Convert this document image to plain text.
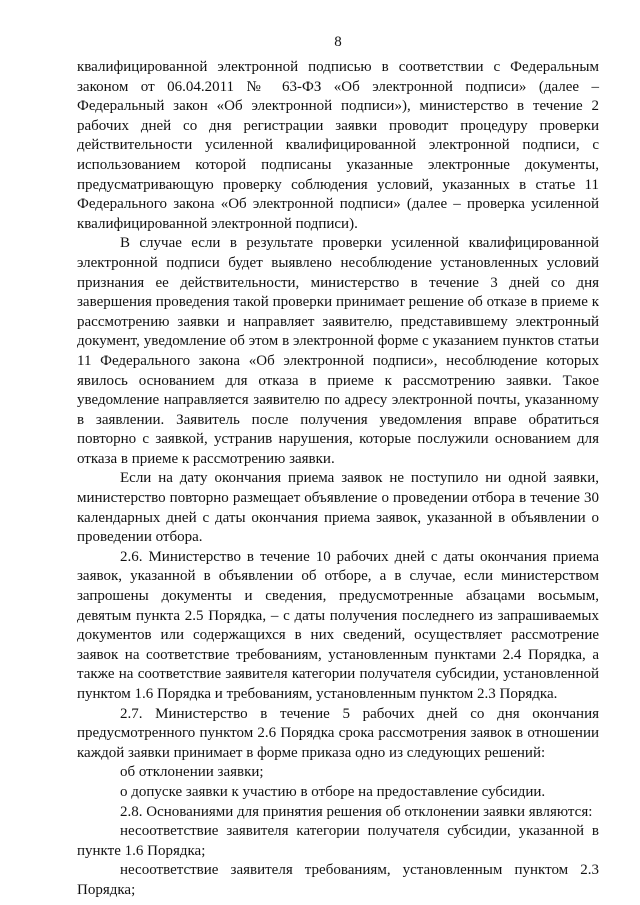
8

квалифицированной электронной подписью в соответствии с Федеральным законом от 06.04.2011 № 63-ФЗ «Об электронной подписи» (далее – Федеральный закон «Об электронной подписи»), министерство в течение 2 рабочих дней со дня регистрации заявки проводит процедуру проверки действительности усиленной квалифицированной электронной подписи, с использованием которой подписаны указанные электронные документы, предусматривающую проверку соблюдения условий, указанных в статье 11 Федерального закона «Об электронной подписи» (далее – проверка усиленной квалифицированной электронной подписи).

В случае если в результате проверки усиленной квалифицированной электронной подписи будет выявлено несоблюдение установленных условий признания ее действительности, министерство в течение 3 дней со дня завершения проведения такой проверки принимает решение об отказе в приеме к рассмотрению заявки и направляет заявителю, представившему электронный документ, уведомление об этом в электронной форме с указанием пунктов статьи 11 Федерального закона «Об электронной подписи», несоблюдение которых явилось основанием для отказа в приеме к рассмотрению заявки. Такое уведомление направляется заявителю по адресу электронной почты, указанному в заявлении. Заявитель после получения уведомления вправе обратиться повторно с заявкой, устранив нарушения, которые послужили основанием для отказа в приеме к рассмотрению заявки.

Если на дату окончания приема заявок не поступило ни одной заявки, министерство повторно размещает объявление о проведении отбора в течение 30 календарных дней с даты окончания приема заявок, указанной в объявлении о проведении отбора.

2.6. Министерство в течение 10 рабочих дней с даты окончания приема заявок, указанной в объявлении об отборе, а в случае, если министерством запрошены документы и сведения, предусмотренные абзацами восьмым, девятым пункта 2.5 Порядка, – с даты получения последнего из запрашиваемых документов или содержащихся в них сведений, осуществляет рассмотрение заявок на соответствие требованиям, установленным пунктами 2.4 Порядка, а также на соответствие заявителя категории получателя субсидии, установленной пунктом 1.6 Порядка и требованиям, установленным пунктом 2.3 Порядка.

2.7. Министерство в течение 5 рабочих дней со дня окончания предусмотренного пунктом 2.6 Порядка срока рассмотрения заявок в отношении каждой заявки принимает в форме приказа одно из следующих решений:

об отклонении заявки;

о допуске заявки к участию в отборе на предоставление субсидии.

2.8. Основаниями для принятия решения об отклонении заявки являются:

несоответствие заявителя категории получателя субсидии, указанной в пункте 1.6 Порядка;

несоответствие заявителя требованиям, установленным пунктом 2.3 Порядка;
